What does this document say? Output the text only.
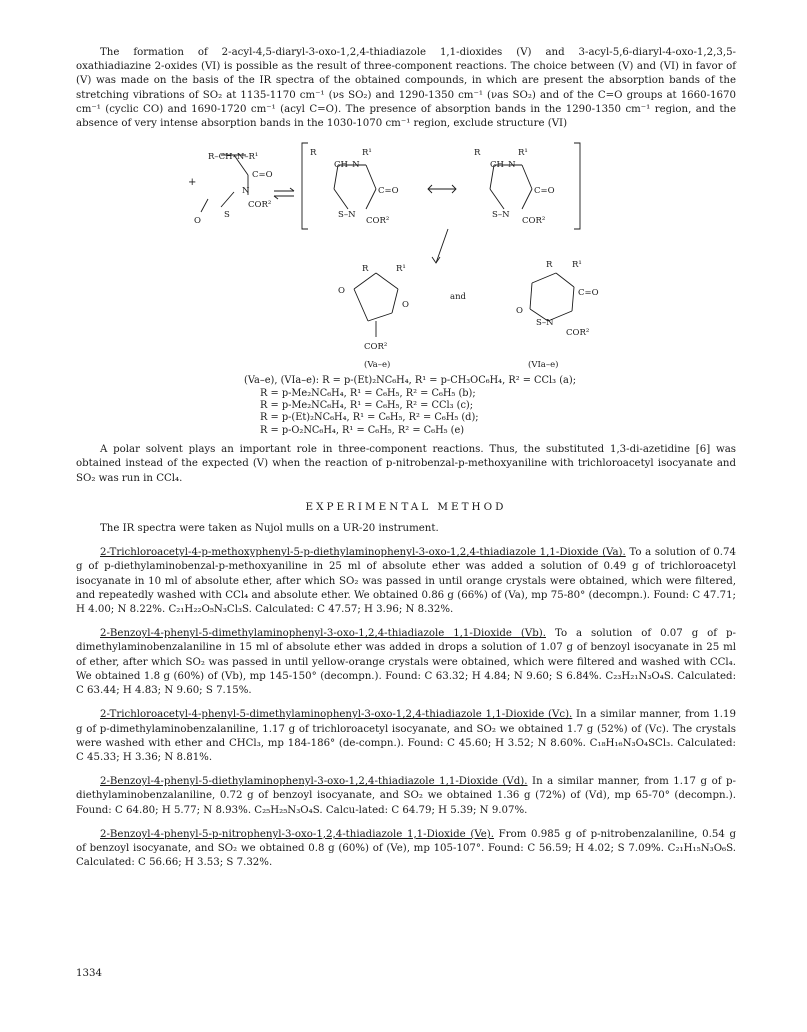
The formation of 2-acyl-4,5-diaryl-3-oxo-1,2,4-thiadiazole 1,1-dioxides (V) and 3-acyl-5,6-diaryl-4-oxo-1,2,3,5-oxathiadiazine 2-oxides (VI) is possible as the result of three-component reactions. The choice between (V) and (VI) in favor of (V) was made on the basis of the IR spectra of the obtained compounds, in which are present the absorption bands of the stretching vibrations of SO₂ at 1135-1170 cm⁻¹ (νs SO₂) and 1290-1350 cm⁻¹ (νas SO₂) and of the C=O groups at 1660-1670 cm⁻¹ (cyclic CO) and 1690-1720 cm⁻¹ (acyl C=O). The presence of absorption bands in the 1290-1350 cm⁻¹ region, and the absence of very intense absorption bands in the 1030-1070 cm⁻¹ region, exclude structure (VI)

R–CH–N–R¹
C=O
N
COR²
+
O
S
R	R¹
CH–N
C=O
S–N
COR²
R	R¹
CH–N
C=O
S–N
COR²
R	R¹
O
O
COR²
and
R R¹
C=O
O
S–N
COR²
(Va–e)	(VIa–e)
(Va–e), (VIa–e): R = p-(Et)₂NC₆H₄, R¹ = p-CH₃OC₆H₄, R² = CCl₃ (a);
R = p-Me₂NC₆H₄, R¹ = C₆H₅, R² = C₆H₅ (b);
R = p-Me₂NC₆H₄, R¹ = C₆H₅, R² = CCl₃ (c);
R = p-(Et)₂NC₆H₄, R¹ = C₆H₅, R² = C₆H₅ (d);
R = p-O₂NC₆H₄, R¹ = C₆H₅, R² = C₆H₅ (e)

A polar solvent plays an important role in three-component reactions. Thus, the substituted 1,3-di-azetidine [6] was obtained instead of the expected (V) when the reaction of p-nitrobenzal-p-methoxyaniline with trichloroacetyl isocyanate and SO₂ was run in CCl₄.

EXPERIMENTAL METHOD

The IR spectra were taken as Nujol mulls on a UR-20 instrument.

2-Trichloroacetyl-4-p-methoxyphenyl-5-p-diethylaminophenyl-3-oxo-1,2,4-thiadiazole 1,1-Dioxide (Va). To a solution of 0.74 g of p-diethylaminobenzal-p-methoxyaniline in 25 ml of absolute ether was added a solution of 0.49 g of trichloroacetyl isocyanate in 10 ml of absolute ether, after which SO₂ was passed in until orange crystals were obtained, which were filtered, and repeatedly washed with CCl₄ and absolute ether. We obtained 0.86 g (66%) of (Va), mp 75-80° (decompn.). Found: C 47.71; H 4.00; N 8.22%. C₂₁H₂₂O₅N₃Cl₃S. Calculated: C 47.57; H 3.96; N 8.32%.

2-Benzoyl-4-phenyl-5-dimethylaminophenyl-3-oxo-1,2,4-thiadiazole 1,1-Dioxide (Vb). To a solution of 0.07 g of p-dimethylaminobenzalaniline in 15 ml of absolute ether was added in drops a solution of 1.07 g of benzoyl isocyanate in 25 ml of ether, after which SO₂ was passed in until yellow-orange crystals were obtained, which were filtered and washed with CCl₄. We obtained 1.8 g (60%) of (Vb), mp 145-150° (decompn.). Found: C 63.32; H 4.84; N 9.60; S 6.84%. C₂₃H₂₁N₃O₄S. Calculated: C 63.44; H 4.83; N 9.60; S 7.15%.

2-Trichloroacetyl-4-phenyl-5-dimethylaminophenyl-3-oxo-1,2,4-thiadiazole 1,1-Dioxide (Vc). In a similar manner, from 1.19 g of p-dimethylaminobenzalaniline, 1.17 g of trichloroacetyl isocyanate, and SO₂ we obtained 1.7 g (52%) of (Vc). The crystals were washed with ether and CHCl₃, mp 184-186° (de-compn.). Found: C 45.60; H 3.52; N 8.60%. C₁₈H₁₆N₃O₄SCl₃. Calculated: C 45.33; H 3.36; N 8.81%.

2-Benzoyl-4-phenyl-5-diethylaminophenyl-3-oxo-1,2,4-thiadiazole 1,1-Dioxide (Vd). In a similar manner, from 1.17 g of p-diethylaminobenzalaniline, 0.72 g of benzoyl isocyanate, and SO₂ we obtained 1.36 g (72%) of (Vd), mp 65-70° (decompn.). Found: C 64.80; H 5.77; N 8.93%. C₂₅H₂₅N₃O₄S. Calcu-lated: C 64.79; H 5.39; N 9.07%.

2-Benzoyl-4-phenyl-5-p-nitrophenyl-3-oxo-1,2,4-thiadiazole 1,1-Dioxide (Ve). From 0.985 g of p-nitrobenzalaniline, 0.54 g of benzoyl isocyanate, and SO₂ we obtained 0.8 g (60%) of (Ve), mp 105-107°. Found: C 56.59; H 4.02; S 7.09%. C₂₁H₁₅N₃O₆S. Calculated: C 56.66; H 3.53; S 7.32%.

1334
